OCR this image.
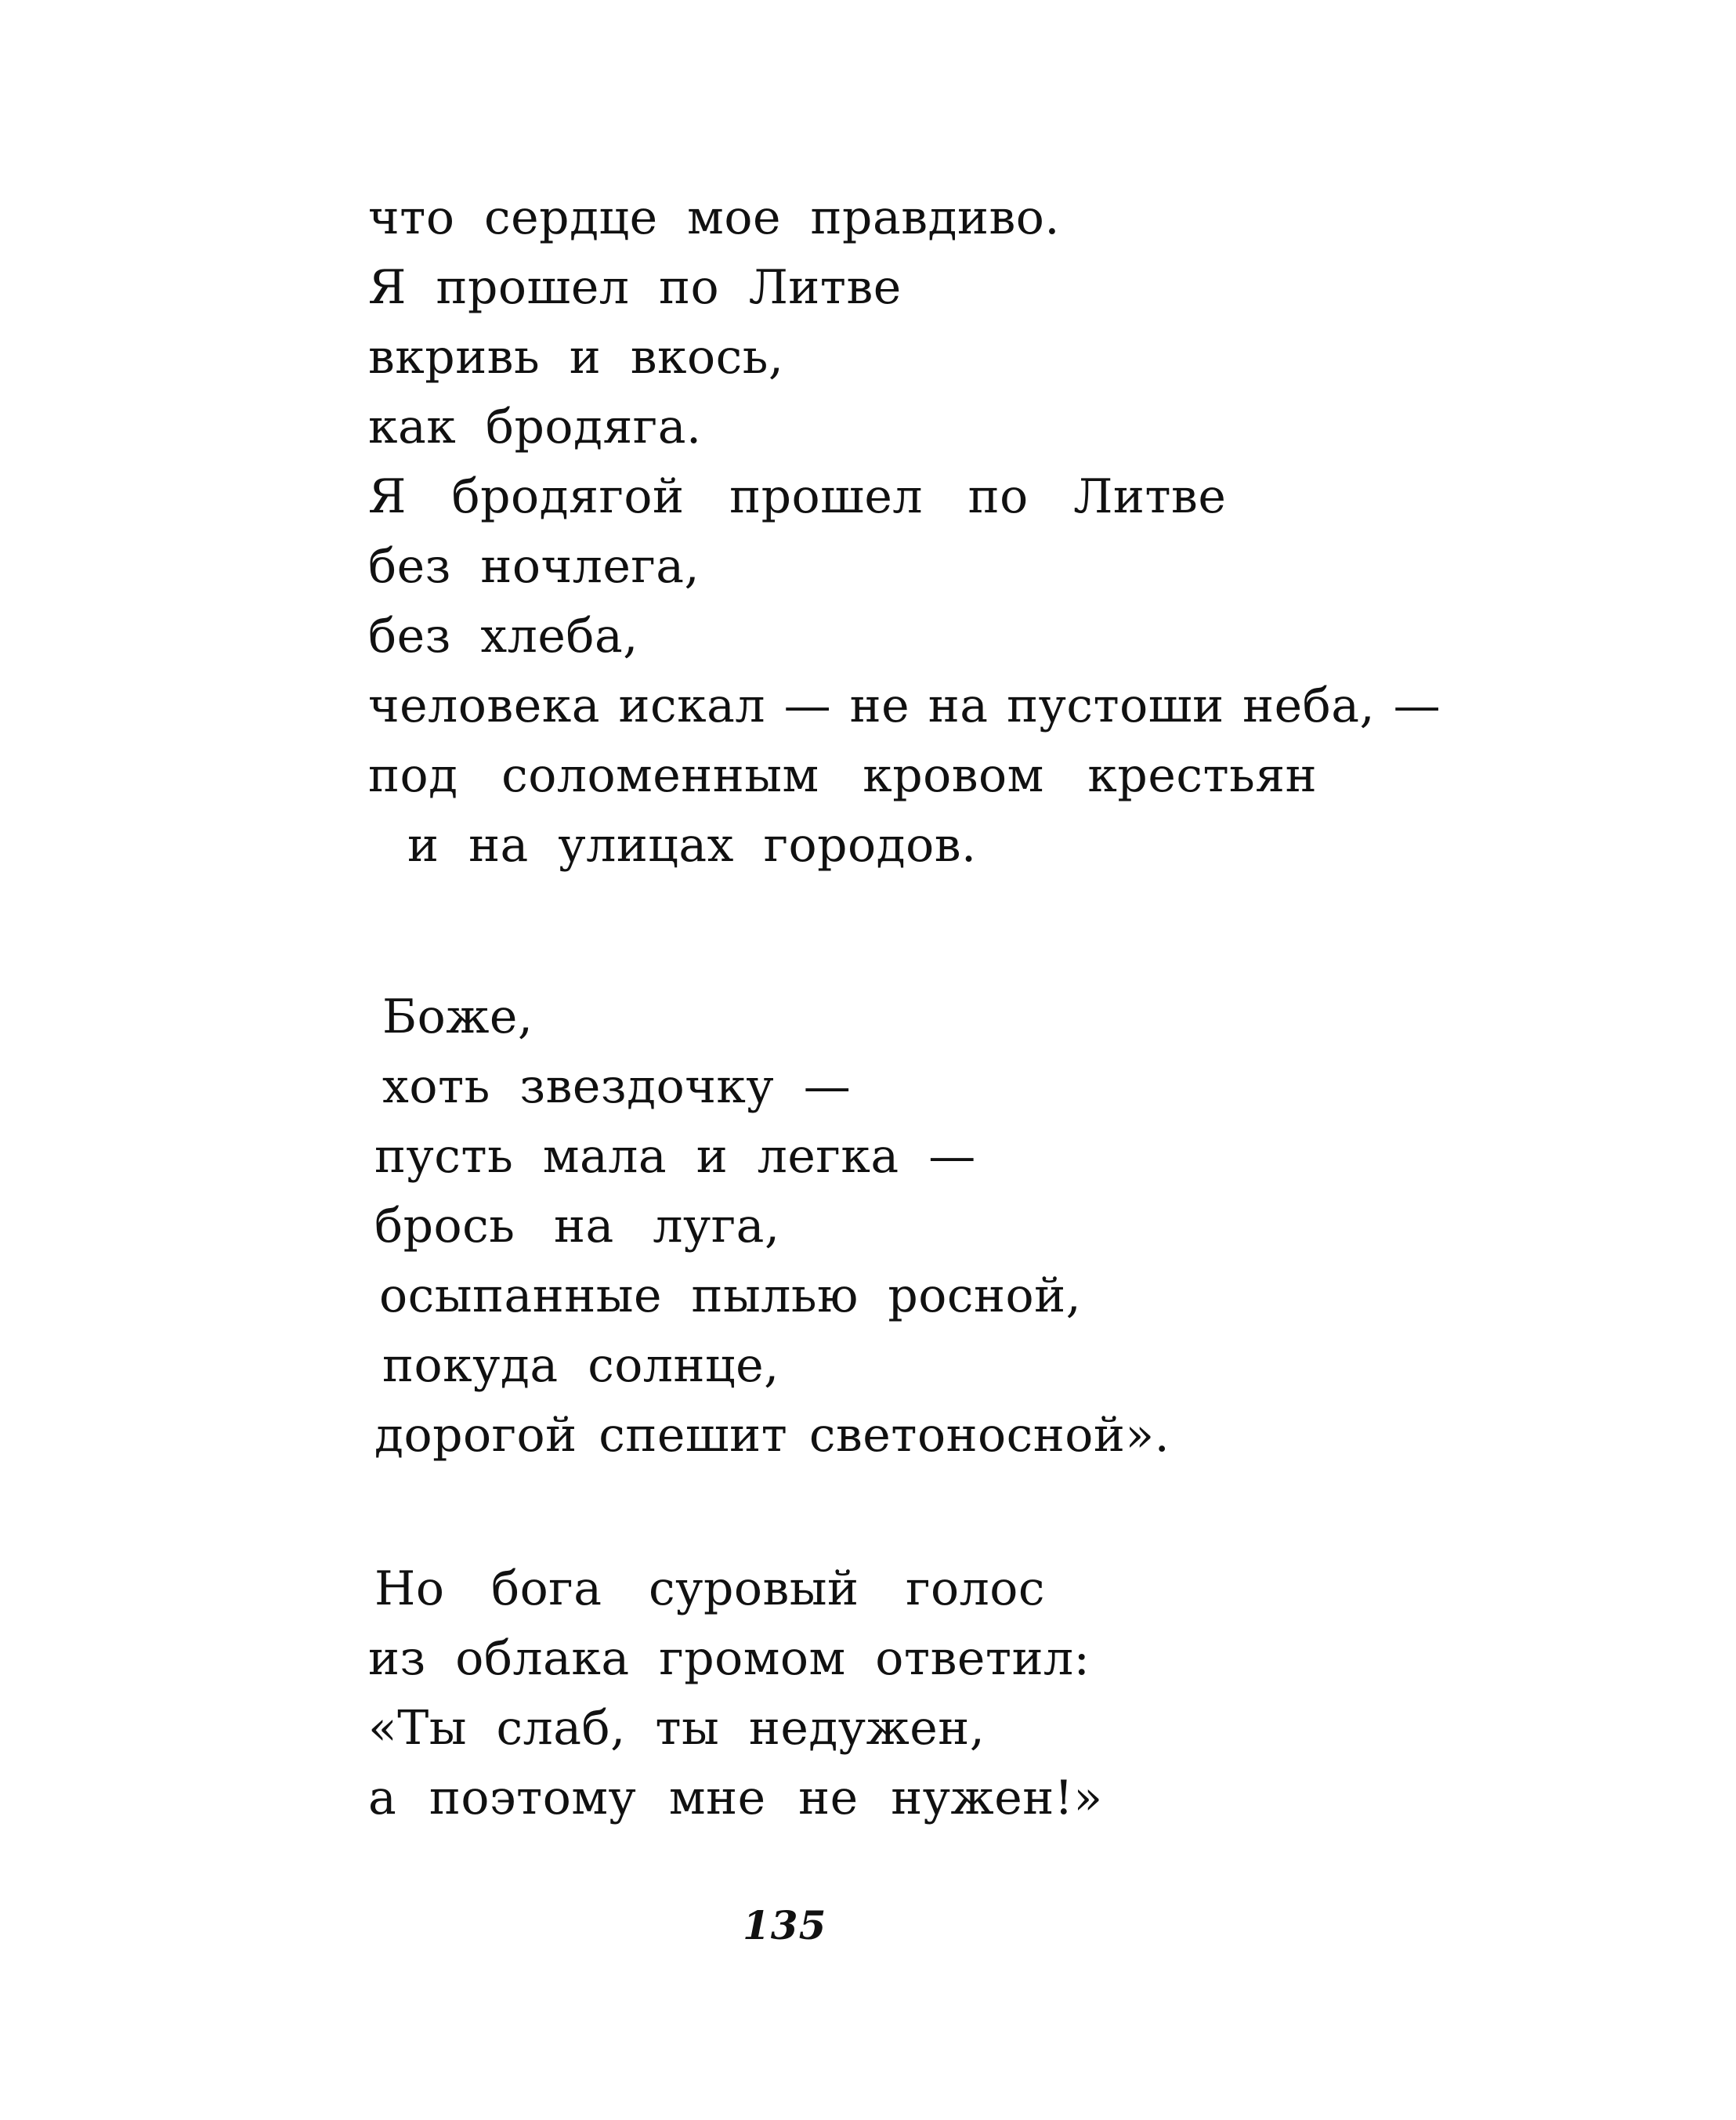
что сердце мое правдиво.
Я прошел по Литве
вкривь и вкось,
как бродяга.
Я бродягой прошел по Литве
без ночлега,
без хлеба,
человека искал — не на пустоши неба, —
под соломенным кровом крестьян
и на улицах городов.
Боже,
хоть звездочку —
пусть мала и легка —
брось на луга,
осыпанные пылью росной,
покуда солнце,
дорогой спешит светоносной».
Но бога суровый голос
из облака громом ответил:
«Ты слаб, ты недужен,
а поэтому мне не нужен!»
135
